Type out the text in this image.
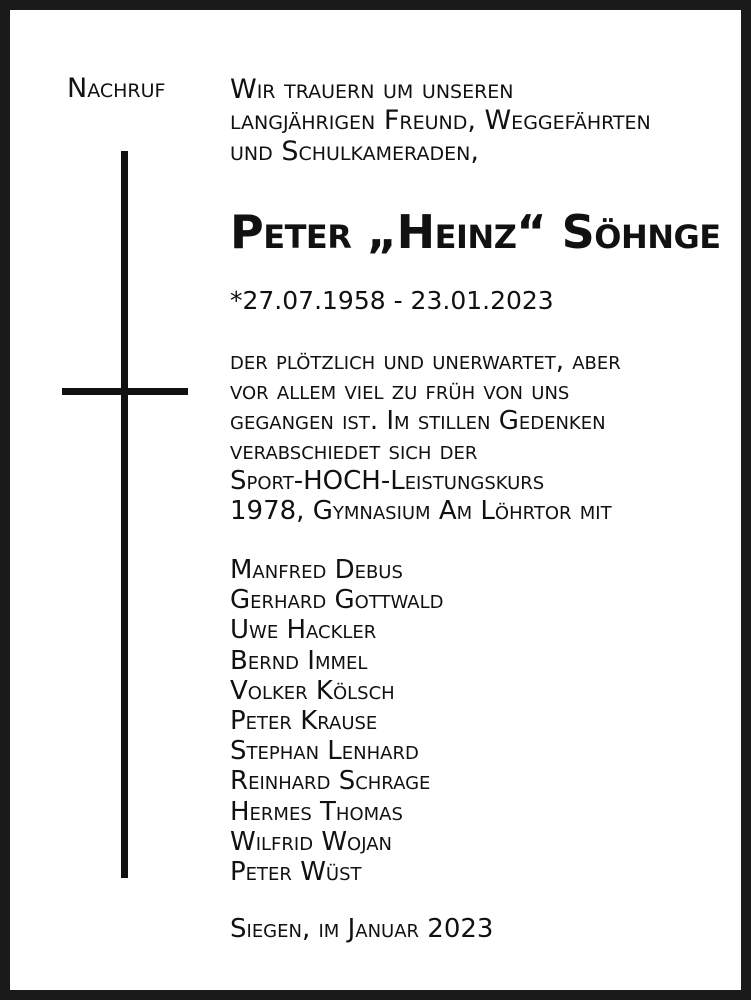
Nachruf Wir trauern um unseren
langjährigen Freund, Weggefährten
und Schulkameraden,
Peter „Heinz“ Söhnge
*27.07.1958 - 23.01.2023
der plötzlich und unerwartet, aber
vor allem viel zu früh von uns
gegangen ist. Im stillen Gedenken
verabschiedet sich der
Sport-HOCH-Leistungskurs
1978, Gymnasium Am Löhrtor mit
Manfred Debus
Gerhard Gottwald
Uwe Hackler
Bernd Immel
Volker Kölsch
Peter Krause
Stephan Lenhard
Reinhard Schrage
Hermes Thomas
Wilfrid Wojan
Peter Wüst
Siegen, im Januar 2023
